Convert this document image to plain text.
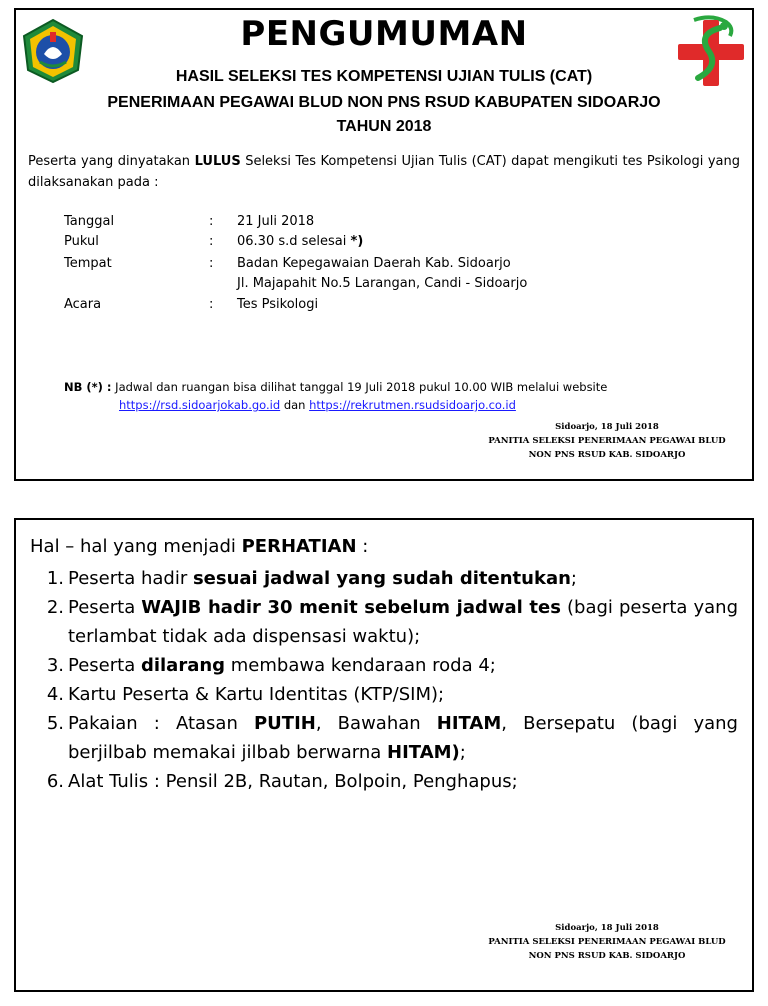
PENGUMUMAN
HASIL SELEKSI TES KOMPETENSI UJIAN TULIS (CAT)
PENERIMAAN PEGAWAI BLUD NON PNS RSUD KABUPATEN SIDOARJO
TAHUN 2018
Peserta yang dinyatakan LULUS Seleksi Tes Kompetensi Ujian Tulis (CAT) dapat mengikuti tes Psikologi yang dilaksanakan pada :
Tanggal	: 21 Juli 2018
Pukul	: 06.30 s.d selesai *)
Tempat	: Badan Kepegawaian Daerah Kab. Sidoarjo
Jl. Majapahit No.5 Larangan, Candi - Sidoarjo
Acara	: Tes Psikologi
NB (*) : Jadwal dan ruangan bisa dilihat tanggal 19 Juli 2018 pukul 10.00 WIB melalui website
https://rsd.sidoarjokab.go.id dan https://rekrutmen.rsudsidoarjo.co.id
Sidoarjo, 18 Juli 2018
PANITIA SELEKSI PENERIMAAN PEGAWAI BLUD
NON PNS RSUD KAB. SIDOARJO
Hal – hal yang menjadi PERHATIAN :
1. Peserta hadir sesuai jadwal yang sudah ditentukan;
2. Peserta WAJIB hadir 30 menit sebelum jadwal tes (bagi peserta yang terlambat tidak ada dispensasi waktu);
3. Peserta dilarang membawa kendaraan roda 4;
4. Kartu Peserta & Kartu Identitas (KTP/SIM);
5. Pakaian : Atasan PUTIH, Bawahan HITAM, Bersepatu (bagi yang berjilbab memakai jilbab berwarna HITAM);
6. Alat Tulis : Pensil 2B, Rautan, Bolpoin, Penghapus;
Sidoarjo, 18 Juli 2018
PANITIA SELEKSI PENERIMAAN PEGAWAI BLUD
NON PNS RSUD KAB. SIDOARJO
